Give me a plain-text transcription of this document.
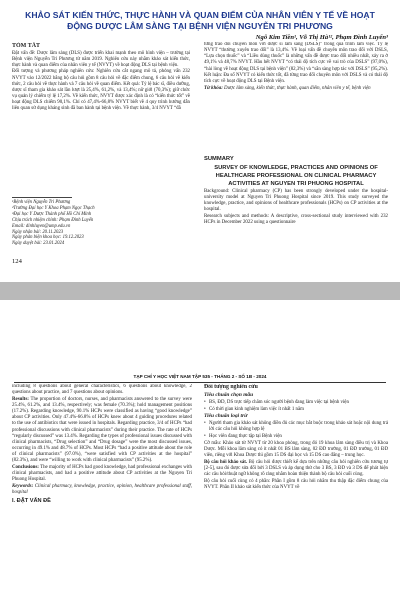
KHẢO SÁT KIẾN THỨC, THỰC HÀNH VÀ QUAN ĐIỂM CỦA NHÂN VIÊN Y TẾ VỀ HOẠT ĐỘNG DƯỢC LÂM SÀNG TẠI BỆNH VIỆN NGUYỄN TRI PHƯƠNG
Ngô Kim Tiền¹, Võ Thị Hà¹², Phạm Đình Luyến³

TÓM TẮT

Đặt vấn đề: Dược lâm sàng (DLS) được triển khai mạnh theo mô hình viện – trường tại Bệnh viện Nguyễn Tri Phương từ năm 2019. Nghiên cứu này nhằm khảo sát kiến thức, thực hành và quan điểm của nhân viên y tế (NVYT) về hoạt động DLS tại bệnh viện.

Đối tượng và phương pháp nghiên cứu: Nghiên cứu cắt ngang mô tả, phỏng vấn 232 NVYT vào 12/2022 bằng bộ câu hỏi gồm 8 câu hỏi về đặc điểm chung, 6 câu hỏi về kiến thức, 2 câu hỏi về thực hành và 7 câu hỏi về quan điểm. Kết quả: Tỷ lệ bác sĩ, điều dưỡng, dược sĩ tham gia khảo sát lần lượt là 25,4%, 61,2%, và 13,4%; nữ giới (70,3%); giữ chức vụ quản lý chiếm tỷ lệ 17,2%. Về kiến thức, NVYT được xác định là có “kiến thức tốt” về hoạt động DLS chiếm 90,1%. Chỉ có 47,4%-66,8% NVYT biết về 4 quy trình hướng dẫn liên quan sử dụng kháng sinh đã ban hành tại bệnh viện. Về thực hành, 3/4 NVYT “đã

từng trao đổi chuyên môn với dược sĩ lâm sàng (DSLS)” trong quá trình làm việc. Tỷ lệ NVYT “thường xuyên trao đổi” là 13,4%. Về loại vấn đề chuyên môn trao đổi với DSLS, “Lựa chọn thuốc” và “Liều dùng thuốc” là những vấn đề được trao đổi nhiều nhất, xảy ra ở 49,1% và 48,7% NVYT. Hầu hết NVYT “có thái độ tích cực về vai trò của DSLS” (97,0%), “hài lòng về hoạt động DLS tại bệnh viện” (82,3%) và “sẵn sàng hợp tác với DSLS” (95,2%). Kết luận: Đa số NVYT có kiến thức tốt, đã từng trao đổi chuyên môn với DSLS và có thái độ tích cực về hoạt động DLS tại Bệnh viện.

Từ khóa: Dược lâm sàng, kiến thức, thực hành, quan điểm, nhân viên y tế, bệnh viện

SUMMARY
SURVEY OF KNOWLEDGE, PRACTICES AND OPINIONS OF HEALTHCARE PROFESSIONAL ON CLINICAL PHARMACY ACTIVITIES AT NGUYEN TRI PHUONG HOSPITAL

Background: Clinical pharmacy (CP) has been strongly developed under the hospital-university model at Nguyen Tri Phuong Hospital since 2019. This study surveyed the knowledge, practice, and opinions of healthcare professionals (HCPs) on CP activities at the hospital.

Research subjects and methods: A descriptive, cross-sectional study interviewed with 232 HCPs in December 2022 using a questionnaire

¹Bệnh viện Nguyễn Tri Phương
²Trường Đại học Y Khoa Phạm Ngọc Thạch
³Đại học Y Dược Thành phố Hồ Chí Minh
Chịu trách nhiệm chính: Phạm Đình Luyến
Email: dinhluyen@ump.edu.vn
Ngày nhận bài: 20.11.2023
Ngày phản biện khoa học: 19.12.2023
Ngày duyệt bài: 23.01.2024
124
TẠP CHÍ Y HỌC VIỆT NAM TẬP 535 - THÁNG 2 - SỐ 1B - 2024

including 8 questions about general characteristics, 6 questions about knowledge, 2 questions about practice, and 7 questions about opinions.

Results: The proportion of doctors, nurses, and pharmacists answered to the survey were 25.4%, 61.2%, and 13.4%, respectively; was female (70.3%); hold management positions (17.2%). Regarding knowledge, 90.1% HCPs were classified as having “good knowledge” about CP activities. Only 47.4%-66.8% of HCPs knew about 4 guiding procedures related to the use of antibiotics that were issued in hospitals. Regarding practice, 3/4 of HCPs “had professional discussions with clinical pharmacists” during their practice. The rate of HCPs “regularly discussed” was 13.4%. Regarding the types of professional issues discussed with clinical pharmacists, “Drug selection” and “Drug dosage” were the most discussed issues, occurring in 49.1% and 48.7% of HCPs. Most HCPs “had a positive attitude about the role of clinical pharmacists” (97.0%), “were satisfied with CP activities at the hospital” (82.3%), and were “willing to work with clinical pharmacists” (95.2%).

Conclusions: The majority of HCPs had good knowledge, had professional exchanges with clinical pharmacists, and had a positive attitude about CP activities at the Nguyen Tri Phuong Hospital.

Keywords: Clinical pharmacy, knowledge, practice, opinion, healthcare professional staff, hospital

I. ĐẶT VẤN ĐỀ

Đối tượng nghiên cứu

Tiêu chuẩn chọn mẫu

• BS, ĐD, DS trực tiếp chăm sóc người bệnh đang làm việc tại bệnh viện

• Có thời gian kinh nghiệm làm việc ít nhất 1 năm

Tiêu chuẩn loại trừ

• Người tham gia khảo sát không điền đủ các mục bắt buộc trong khảo sát hoặc nội dung trả lời các câu hỏi không hợp lệ

• Học viên đang thực tập tại Bệnh viện

Cỡ mẫu: Khảo sát từ NVYT từ 20 khoa phòng, trong đó 19 khoa lâm sàng điều trị và Khoa Dược. Mỗi khoa lâm sàng có ít nhất 01 BS lâm sàng, 02 ĐD trưởng, 01 ĐD trưởng, 01 ĐD viên, riêng với Khoa Dược thì gồm 15 DS đại học và 15 DS cao đẳng – trung học.

Bộ câu hỏi khảo sát. Bộ câu hỏi được thiết kế dựa trên những câu hỏi nghiên cứu tương tự [2-5], sau đó được sửa đổi bởi 3 DSLS và áp dụng thử cho 3 BS, 3 ĐD và 3 DS để phát hiện các câu hỏi/thuật ngữ không rõ ràng nhằm hoàn thiện thành bộ câu hỏi cuối cùng.

Bộ câu hỏi cuối cùng có 4 phần: Phần I gồm 8 câu hỏi nhằm thu thập đặc điểm chung của NVYT. Phần II khảo sát kiến thức của NVYT về
